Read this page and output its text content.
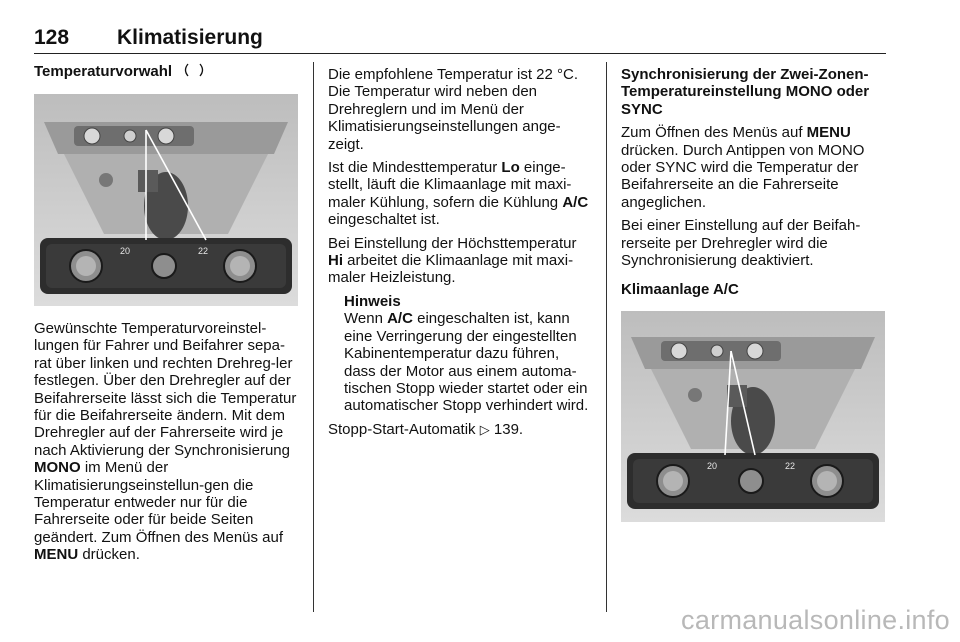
128 Klimatisierung
Temperaturvorwahl
20	22

Gewünschte Temperaturvoreinstel-lungen für Fahrer und Beifahrer sepa-rat über linken und rechten Drehreg-ler festlegen. Über den Drehregler auf der Beifahrerseite lässt sich die Temperatur für die Beifahrerseite ändern. Mit dem Drehregler auf der Fahrerseite wird je nach Aktivierung der Synchronisierung MONO im Menü der Klimatisierungseinstellun-gen die Temperatur entweder nur für die Fahrerseite oder für beide Seiten geändert. Zum Öffnen des Menüs auf MENU drücken.

Die empfohlene Temperatur ist 22 °C. Die Temperatur wird neben den Drehreglern und im Menü der Klimatisierungseinstellungen ange-zeigt.

Ist die Mindesttemperatur Lo einge-stellt, läuft die Klimaanlage mit maxi-maler Kühlung, sofern die Kühlung A/C eingeschaltet ist.

Bei Einstellung der Höchsttemperatur Hi arbeitet die Klimaanlage mit maxi-maler Heizleistung.

Hinweis

Wenn A/C eingeschalten ist, kann eine Verringerung der eingestellten Kabinentemperatur dazu führen, dass der Motor aus einem automa-tischen Stopp wieder startet oder ein automatischer Stopp verhindert wird.

Stopp-Start-Automatik ▷ 139.

Synchronisierung der Zwei-Zonen-Temperatureinstellung MONO oder SYNC

Zum Öffnen des Menüs auf MENU drücken. Durch Antippen von MONO oder SYNC wird die Temperatur der Beifahrerseite an die Fahrerseite angeglichen.

Bei einer Einstellung auf der Beifah-rerseite per Drehregler wird die Synchronisierung deaktiviert.

Klimaanlage A/C

20	22
carmanualsonline.info
